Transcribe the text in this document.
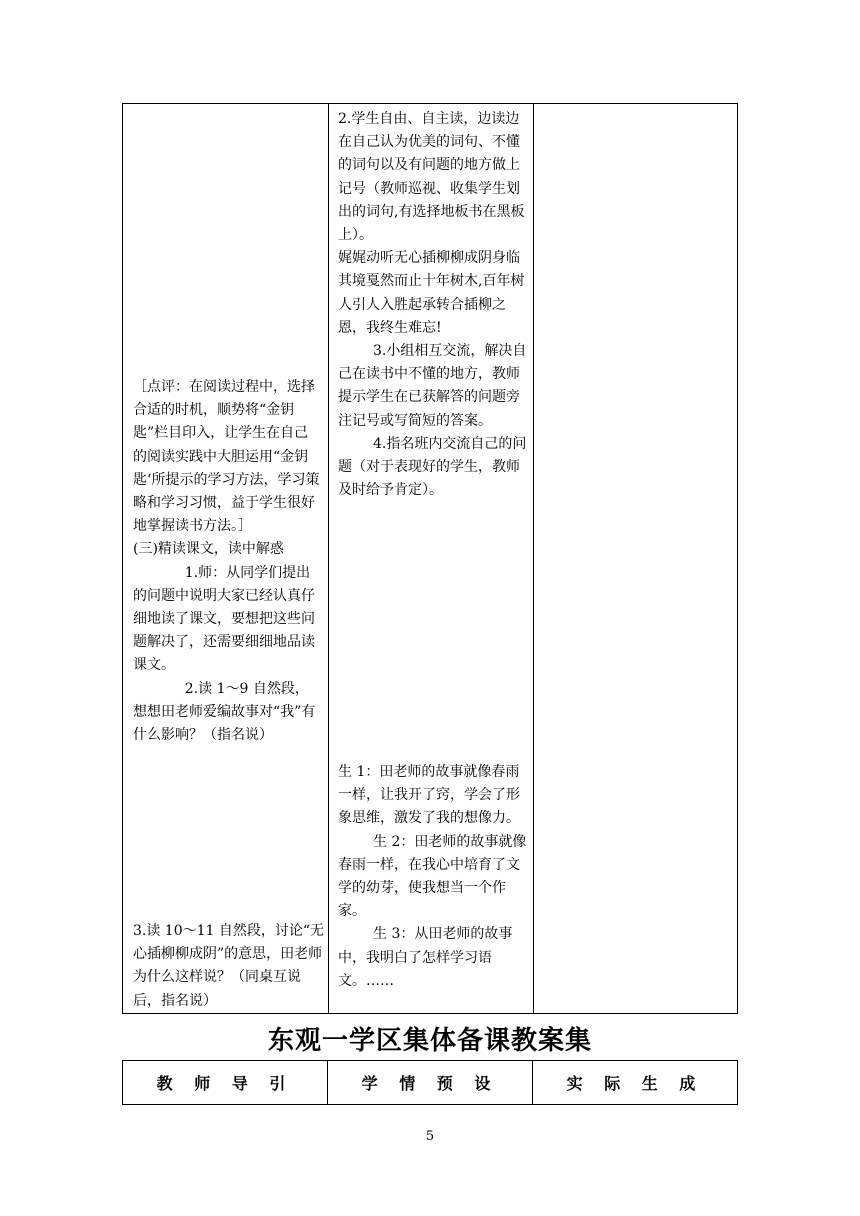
［点评：在阅读过程中，选择合适的时机，顺势将“金钥匙”栏目印入，让学生在自己的阅读实践中大胆运用“金钥匙‘所提示的学习方法，学习策略和学习习惯，益于学生很好地掌握读书方法。］

(三)精读课文，读中解惑

1.师：从同学们提出的问题中说明大家已经认真仔细地读了课文，要想把这些问题解决了，还需要细细地品读课文。

2.读 1～9 自然段，想想田老师爱编故事对“我”有什么影响？（指名说）

3.读 10～11 自然段，讨论“无心插柳柳成阴”的意思，田老师为什么这样说？（同桌互说后，指名说）

2.学生自由、自主读，边读边在自己认为优美的词句、不懂的词句以及有问题的地方做上记号（教师巡视、收集学生划出的词句,有选择地板书在黑板上）。

娓娓动听无心插柳柳成阴身临其境戛然而止十年树木,百年树人引人入胜起承转合插柳之恩，我终生难忘!

3.小组相互交流，解决自己在读书中不懂的地方，教师提示学生在已获解答的问题旁注记号或写简短的答案。

4.指名班内交流自己的问题（对于表现好的学生，教师及时给予肯定）。

生 1：田老师的故事就像春雨一样，让我开了窍，学会了形象思维，激发了我的想像力。

生 2：田老师的故事就像春雨一样，在我心中培育了文学的幼芽，使我想当一个作家。

生 3：从田老师的故事中，我明白了怎样学习语文。……

东观一学区集体备课教案集
教 师 导 引	学 情 预 设	实 际 生 成
5
